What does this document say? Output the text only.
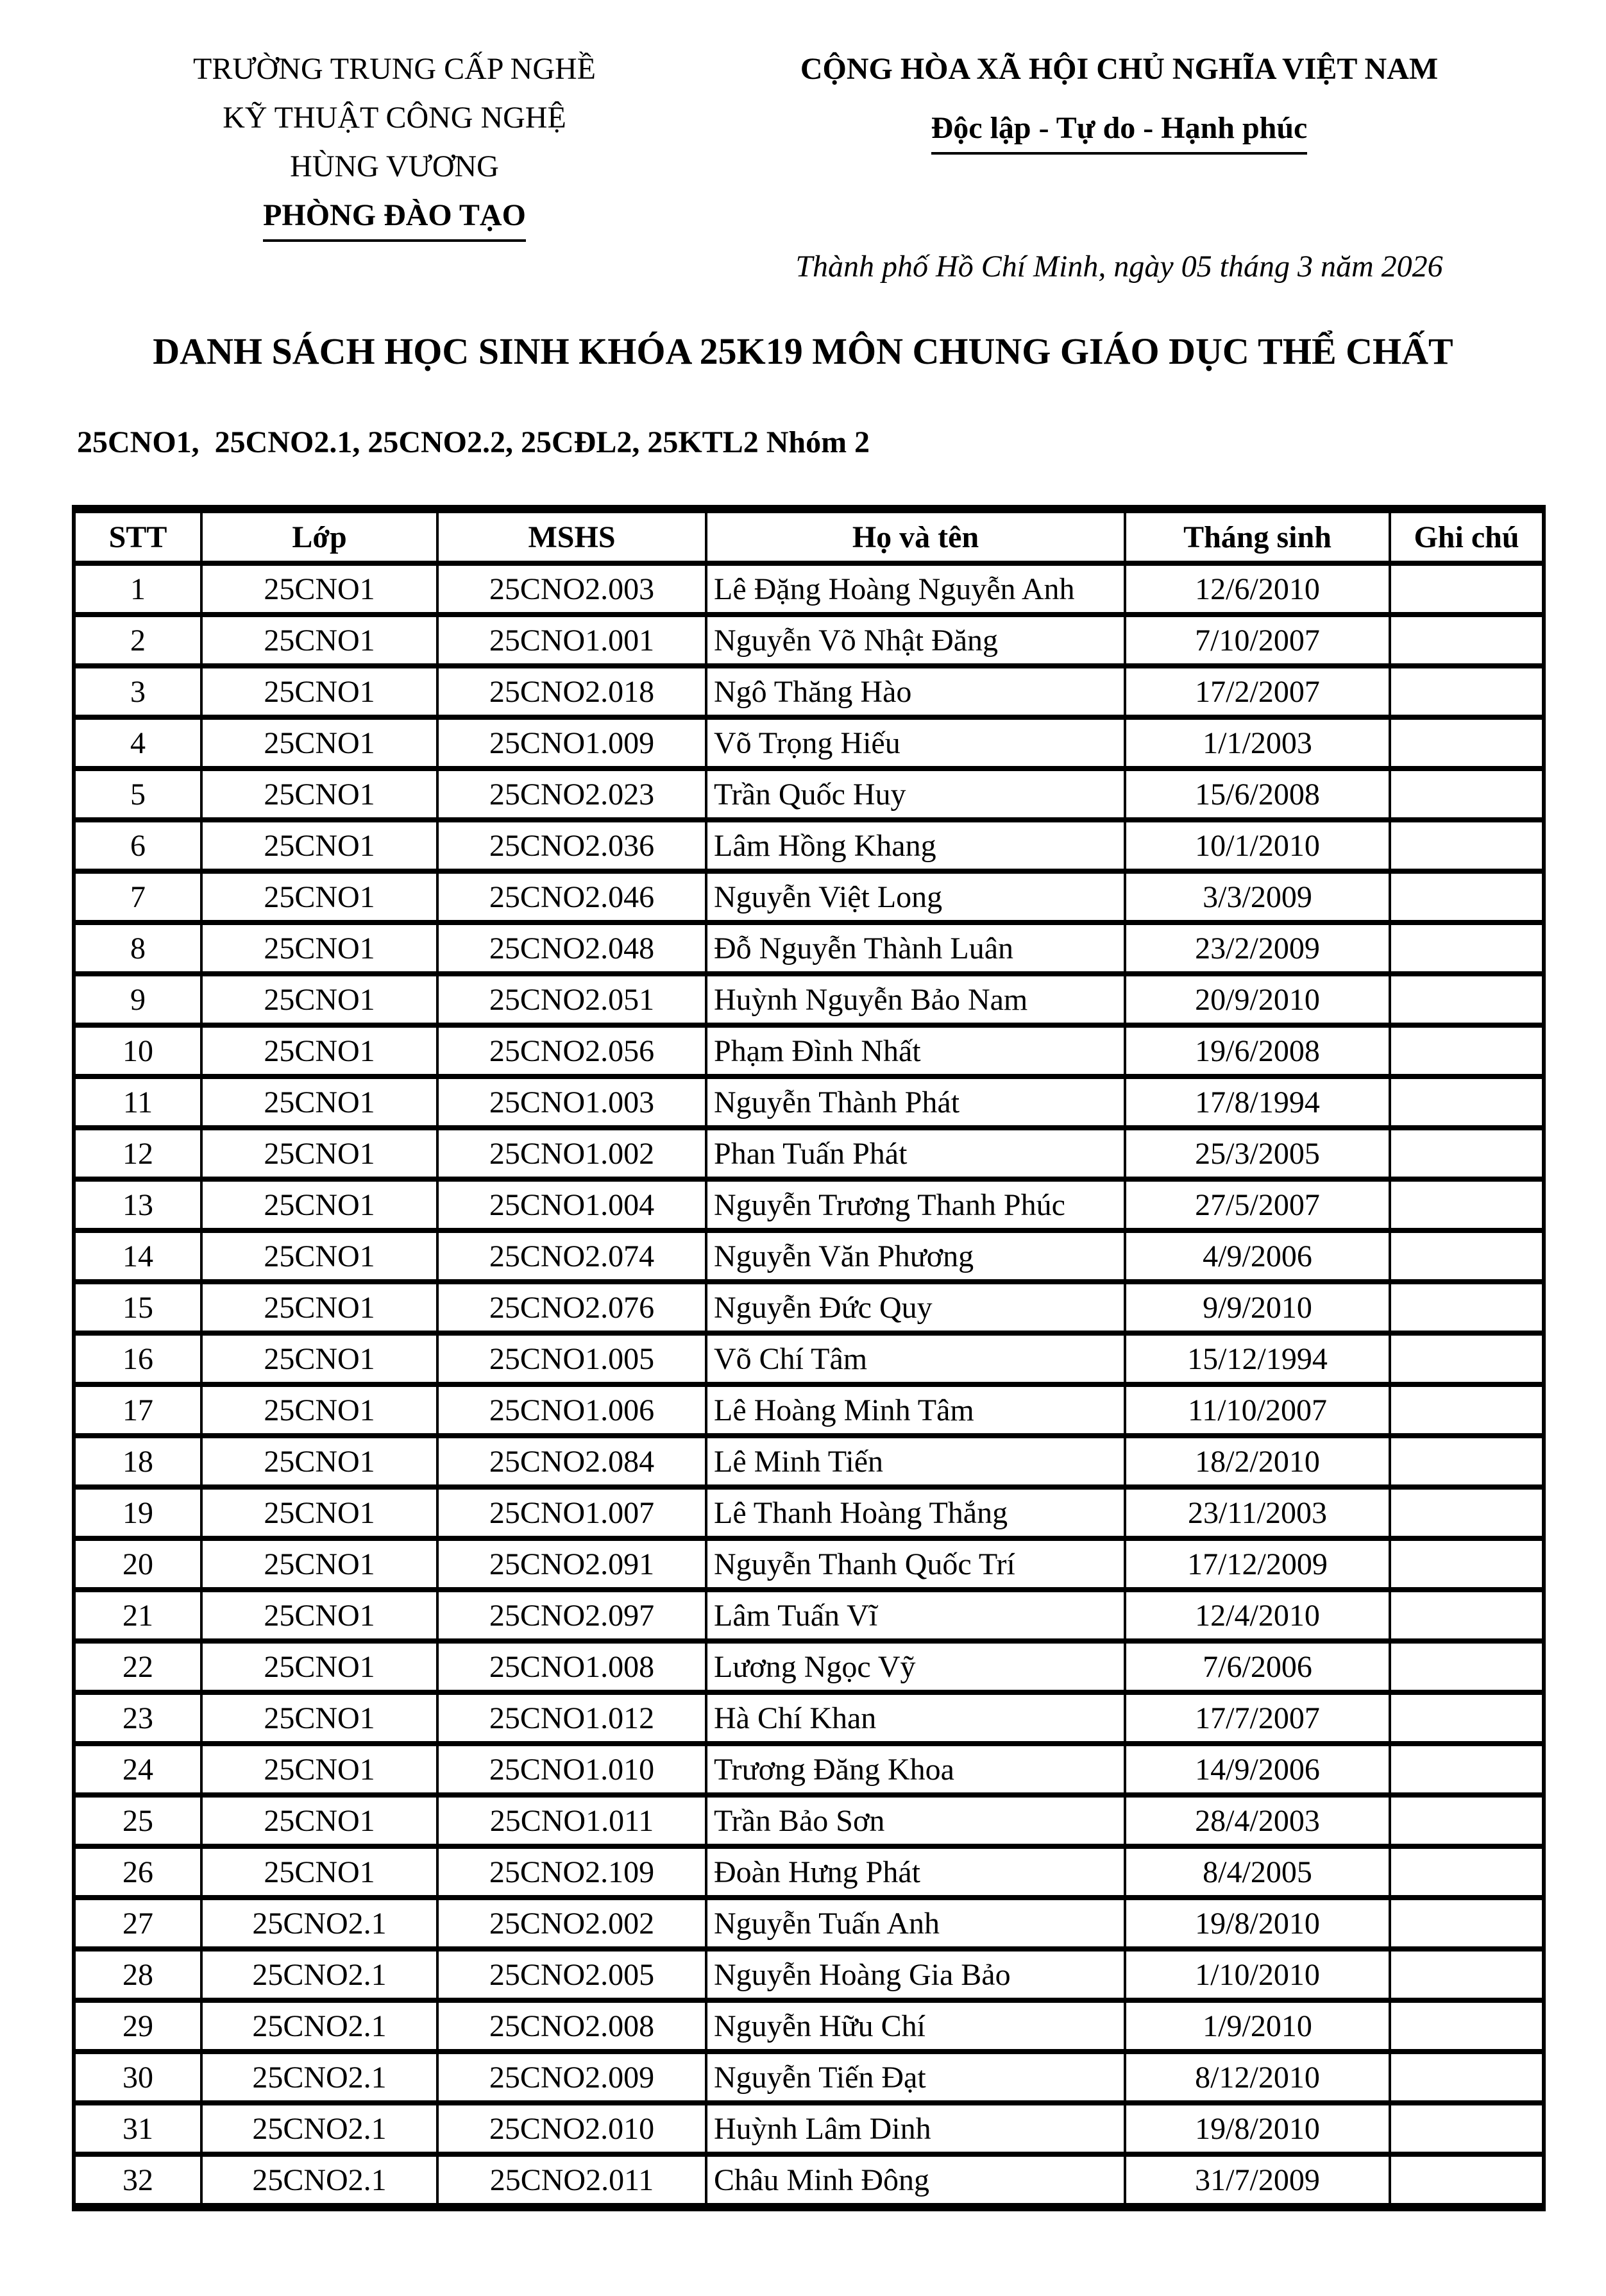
TRƯỜNG TRUNG CẤP NGHỀ
KỸ THUẬT CÔNG NGHỆ
HÙNG VƯƠNG
PHÒNG ĐÀO TẠO
CỘNG HÒA XÃ HỘI CHỦ NGHĨA VIỆT NAM
Độc lập - Tự do - Hạnh phúc
Thành phố Hồ Chí Minh, ngày 05 tháng 3 năm 2026
DANH SÁCH HỌC SINH KHÓA 25K19 MÔN CHUNG GIÁO DỤC THỂ CHẤT
25CNO1,  25CNO2.1, 25CNO2.2, 25CĐL2, 25KTL2 Nhóm 2
STT	Lớp	MSHS	Họ và tên	Tháng sinh	Ghi chú
1	25CNO1	25CNO2.003	Lê Đặng Hoàng Nguyễn Anh	12/6/2010	
2	25CNO1	25CNO1.001	Nguyễn Võ Nhật Đăng	7/10/2007	
3	25CNO1	25CNO2.018	Ngô Thăng Hào	17/2/2007	
4	25CNO1	25CNO1.009	Võ Trọng Hiếu	1/1/2003	
5	25CNO1	25CNO2.023	Trần Quốc Huy	15/6/2008	
6	25CNO1	25CNO2.036	Lâm Hồng Khang	10/1/2010	
7	25CNO1	25CNO2.046	Nguyễn Việt Long	3/3/2009	
8	25CNO1	25CNO2.048	Đỗ Nguyễn Thành Luân	23/2/2009	
9	25CNO1	25CNO2.051	Huỳnh Nguyễn Bảo Nam	20/9/2010	
10	25CNO1	25CNO2.056	Phạm Đình Nhất	19/6/2008	
11	25CNO1	25CNO1.003	Nguyễn Thành Phát	17/8/1994	
12	25CNO1	25CNO1.002	Phan Tuấn Phát	25/3/2005	
13	25CNO1	25CNO1.004	Nguyễn Trương Thanh Phúc	27/5/2007	
14	25CNO1	25CNO2.074	Nguyễn Văn Phương	4/9/2006	
15	25CNO1	25CNO2.076	Nguyễn Đức Quy	9/9/2010	
16	25CNO1	25CNO1.005	Võ Chí Tâm	15/12/1994	
17	25CNO1	25CNO1.006	Lê Hoàng Minh Tâm	11/10/2007	
18	25CNO1	25CNO2.084	Lê Minh Tiến	18/2/2010	
19	25CNO1	25CNO1.007	Lê Thanh Hoàng Thắng	23/11/2003	
20	25CNO1	25CNO2.091	Nguyễn Thanh Quốc Trí	17/12/2009	
21	25CNO1	25CNO2.097	Lâm Tuấn Vĩ	12/4/2010	
22	25CNO1	25CNO1.008	Lương Ngọc Vỹ	7/6/2006	
23	25CNO1	25CNO1.012	Hà Chí Khan	17/7/2007	
24	25CNO1	25CNO1.010	Trương Đăng Khoa	14/9/2006	
25	25CNO1	25CNO1.011	Trần Bảo Sơn	28/4/2003	
26	25CNO1	25CNO2.109	Đoàn Hưng Phát	8/4/2005	
27	25CNO2.1	25CNO2.002	Nguyễn Tuấn Anh	19/8/2010	
28	25CNO2.1	25CNO2.005	Nguyễn Hoàng Gia Bảo	1/10/2010	
29	25CNO2.1	25CNO2.008	Nguyễn Hữu Chí	1/9/2010	
30	25CNO2.1	25CNO2.009	Nguyễn Tiến Đạt	8/12/2010	
31	25CNO2.1	25CNO2.010	Huỳnh Lâm Dinh	19/8/2010	
32	25CNO2.1	25CNO2.011	Châu Minh Đông	31/7/2009	
